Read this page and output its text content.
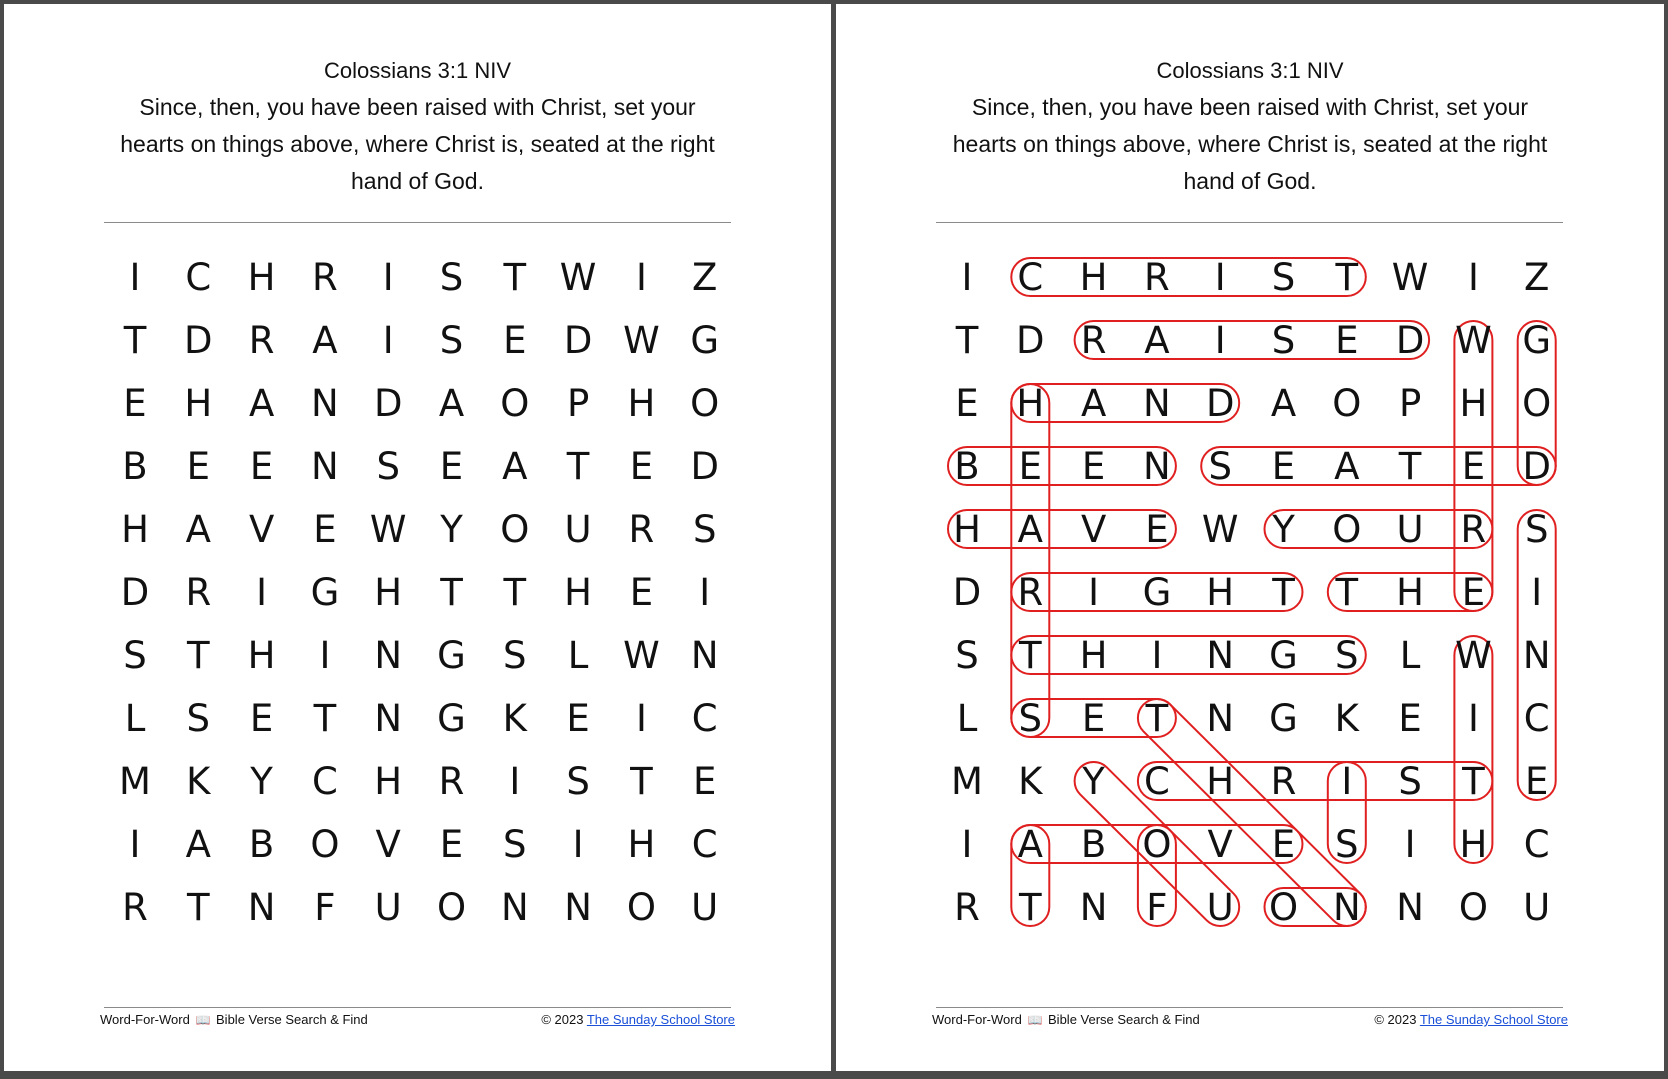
Colossians 3:1 NIV
Since, then, you have been raised with Christ, set your
hearts on things above, where Christ is, seated at the right
hand of God.
I C H R I S T W I Z
T D R A I S E D W G
E H A N D A O P H O
B E E N S E A T E D
H A V E W Y O U R S
D R I G H T T H E I
S T H I N G S L W N
L S E T N G K E I C
M K Y C H R I S T E
I A B O V E S I H C
R T N F U O N N O U
Word-For-Word 📖 Bible Verse Search & Find	© 2023 The Sunday School Store
Colossians 3:1 NIV
Since, then, you have been raised with Christ, set your
hearts on things above, where Christ is, seated at the right
hand of God.
I C H R I S T W I Z
T D R A I S E D W G
E H A N D A O P H O
B E E N S E A T E D
H A V E W Y O U R S
D R I G H T T H E I
S T H I N G S L W N
L S E T N G K E I C
M K Y C H R I S T E
I A B O V E S I H C
R T N F U O N N O U
Word-For-Word 📖 Bible Verse Search & Find	© 2023 The Sunday School Store
